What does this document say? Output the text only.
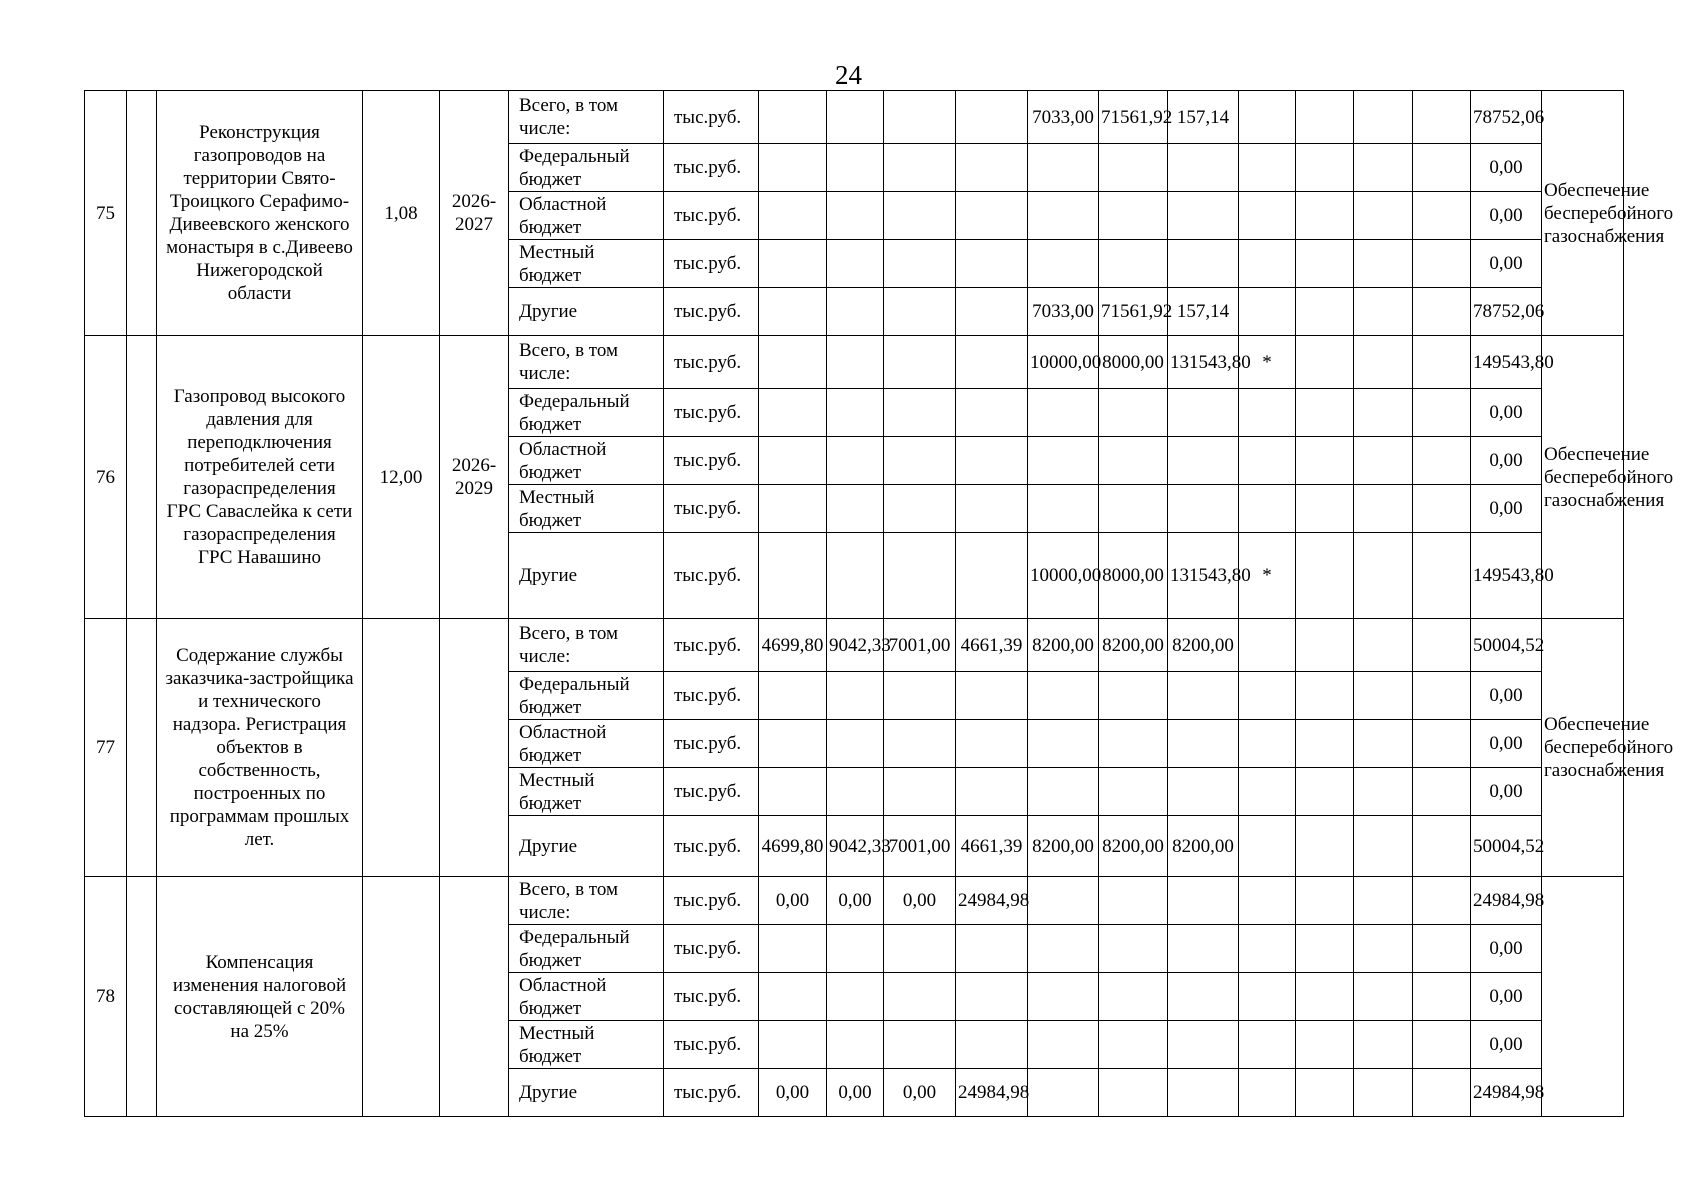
24
75		Реконструкция газопроводов на территории Свято-Троицкого Серафимо-Дивеевского женского монастыря в с.Дивеево Нижегородской области	1,08	2026-2027	Всего, в том числе:	тыс.руб.					7033,00	71561,92	157,14					78752,06	Обеспечение бесперебойного газоснабжения
					Федеральный бюджет	тыс.руб.												0,00	
					Областной бюджет	тыс.руб.												0,00	
					Местный бюджет	тыс.руб.												0,00	
					Другие	тыс.руб.					7033,00	71561,92	157,14					78752,06	
76		Газопровод высокого давления для переподключения потребителей сети газораспределения ГРС Саваслейка к сети газораспределения ГРС Навашино	12,00	2026-2029	Всего, в том числе:	тыс.руб.					10000,00	8000,00	131543,80	*				149543,80	Обеспечение бесперебойного газоснабжения
					Федеральный бюджет	тыс.руб.												0,00	
					Областной бюджет	тыс.руб.												0,00	
					Местный бюджет	тыс.руб.												0,00	
					Другие	тыс.руб.					10000,00	8000,00	131543,80	*				149543,80	
77		Содержание службы заказчика-застройщика и технического надзора. Регистрация объектов в собственность, построенных по программам прошлых лет.			Всего, в том числе:	тыс.руб.	4699,80	9042,33	7001,00	4661,39	8200,00	8200,00	8200,00					50004,52	Обеспечение бесперебойного газоснабжения
					Федеральный бюджет	тыс.руб.												0,00	
					Областной бюджет	тыс.руб.												0,00	
					Местный бюджет	тыс.руб.												0,00	
					Другие	тыс.руб.	4699,80	9042,33	7001,00	4661,39	8200,00	8200,00	8200,00					50004,52	
78		Компенсация изменения налоговой составляющей с 20% на 25%			Всего, в том числе:	тыс.руб.	0,00	0,00	0,00	24984,98								24984,98	
					Федеральный бюджет	тыс.руб.												0,00	
					Областной бюджет	тыс.руб.												0,00	
					Местный бюджет	тыс.руб.												0,00	
					Другие	тыс.руб.	0,00	0,00	0,00	24984,98								24984,98	
